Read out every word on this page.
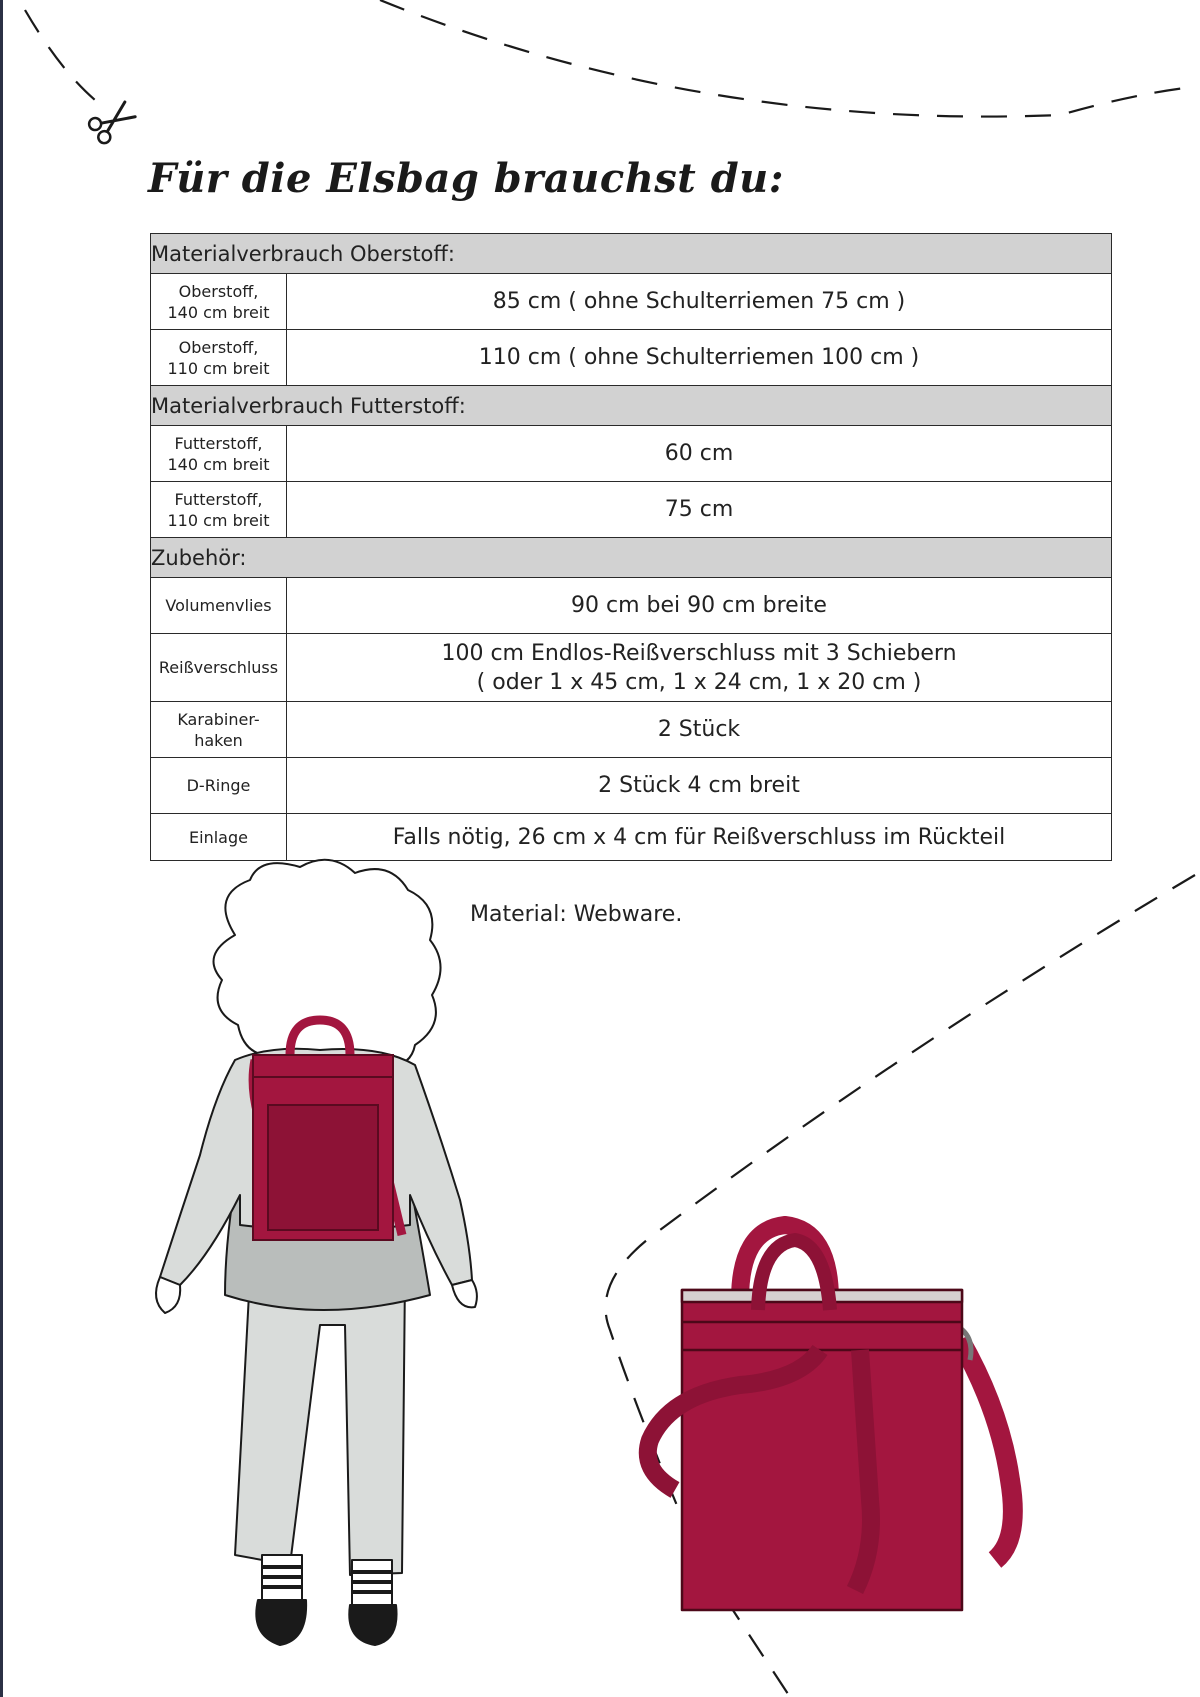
Für die Elsbag brauchst du:
Materialverbrauch Oberstoff:	

Oberstoff,
140 cm breit	85 cm ( ohne Schulterriemen 75 cm )

Oberstoff,
110 cm breit	110 cm ( ohne Schulterriemen 100 cm )

Materialverbrauch Futterstoff:	

Futterstoff,
140 cm breit	60 cm

Futterstoff,
110 cm breit	75 cm

Zubehör:	

Volumenvlies	90 cm bei 90 cm breite

Reißverschluss	100 cm Endlos-Reißverschluss mit 3 Schiebern
( oder 1 x 45 cm, 1 x 24 cm, 1 x 20 cm )

Karabiner-
haken	2 Stück

D-Ringe	2 Stück 4 cm breit

Einlage	Falls nötig, 26 cm x 4 cm für Reißverschluss im Rückteil
Material: Webware.
